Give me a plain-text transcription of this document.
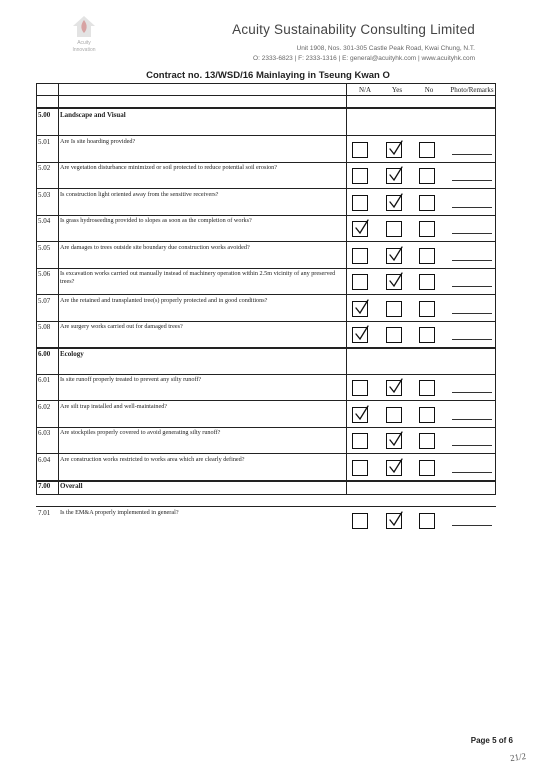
Acuity
Innovation
Acuity Sustainability Consulting Limited
Unit 1908, Nos. 301-305 Castle Peak Road, Kwai Chung, N.T.
O: 2333-6823 | F: 2333-1316 | E: general@acuityhk.com | www.acuityhk.com
Contract no. 13/WSD/16 Mainlaying in Tseung Kwan O
N/A	Yes	No	Photo/Remarks
5.00 Landscape and Visual
5.01 Are Is site hoarding provided?
5.02 Are vegetation disturbance minimized or soil protected to reduce potential soil erosion?
5.03 Is construction light oriented away from the sensitive receivers?
5.04 Is grass hydroseeding provided to slopes as soon as the completion of works?
5.05 Are damages to trees outside site boundary due construction works avoided?
5.06 Is excavation works carried out manually instead of machinery operation within 2.5m vicinity of any preserved trees?
5.07 Are the retained and transplanted tree(s) properly protected and in good conditions?
5.08 Are surgery works carried out for damaged trees?
6.00 Ecology
6.01 Is site runoff properly treated to prevent any silty runoff?
6.02 Are silt trap installed and well-maintained?
6.03 Are stockpiles properly covered to avoid generating silty runoff?
6.04 Are construction works restricted to works area which are clearly defined?
7.00 Overall
7.01 Is the EM&A properly implemented in general?
Page 5 of 6
21/2
